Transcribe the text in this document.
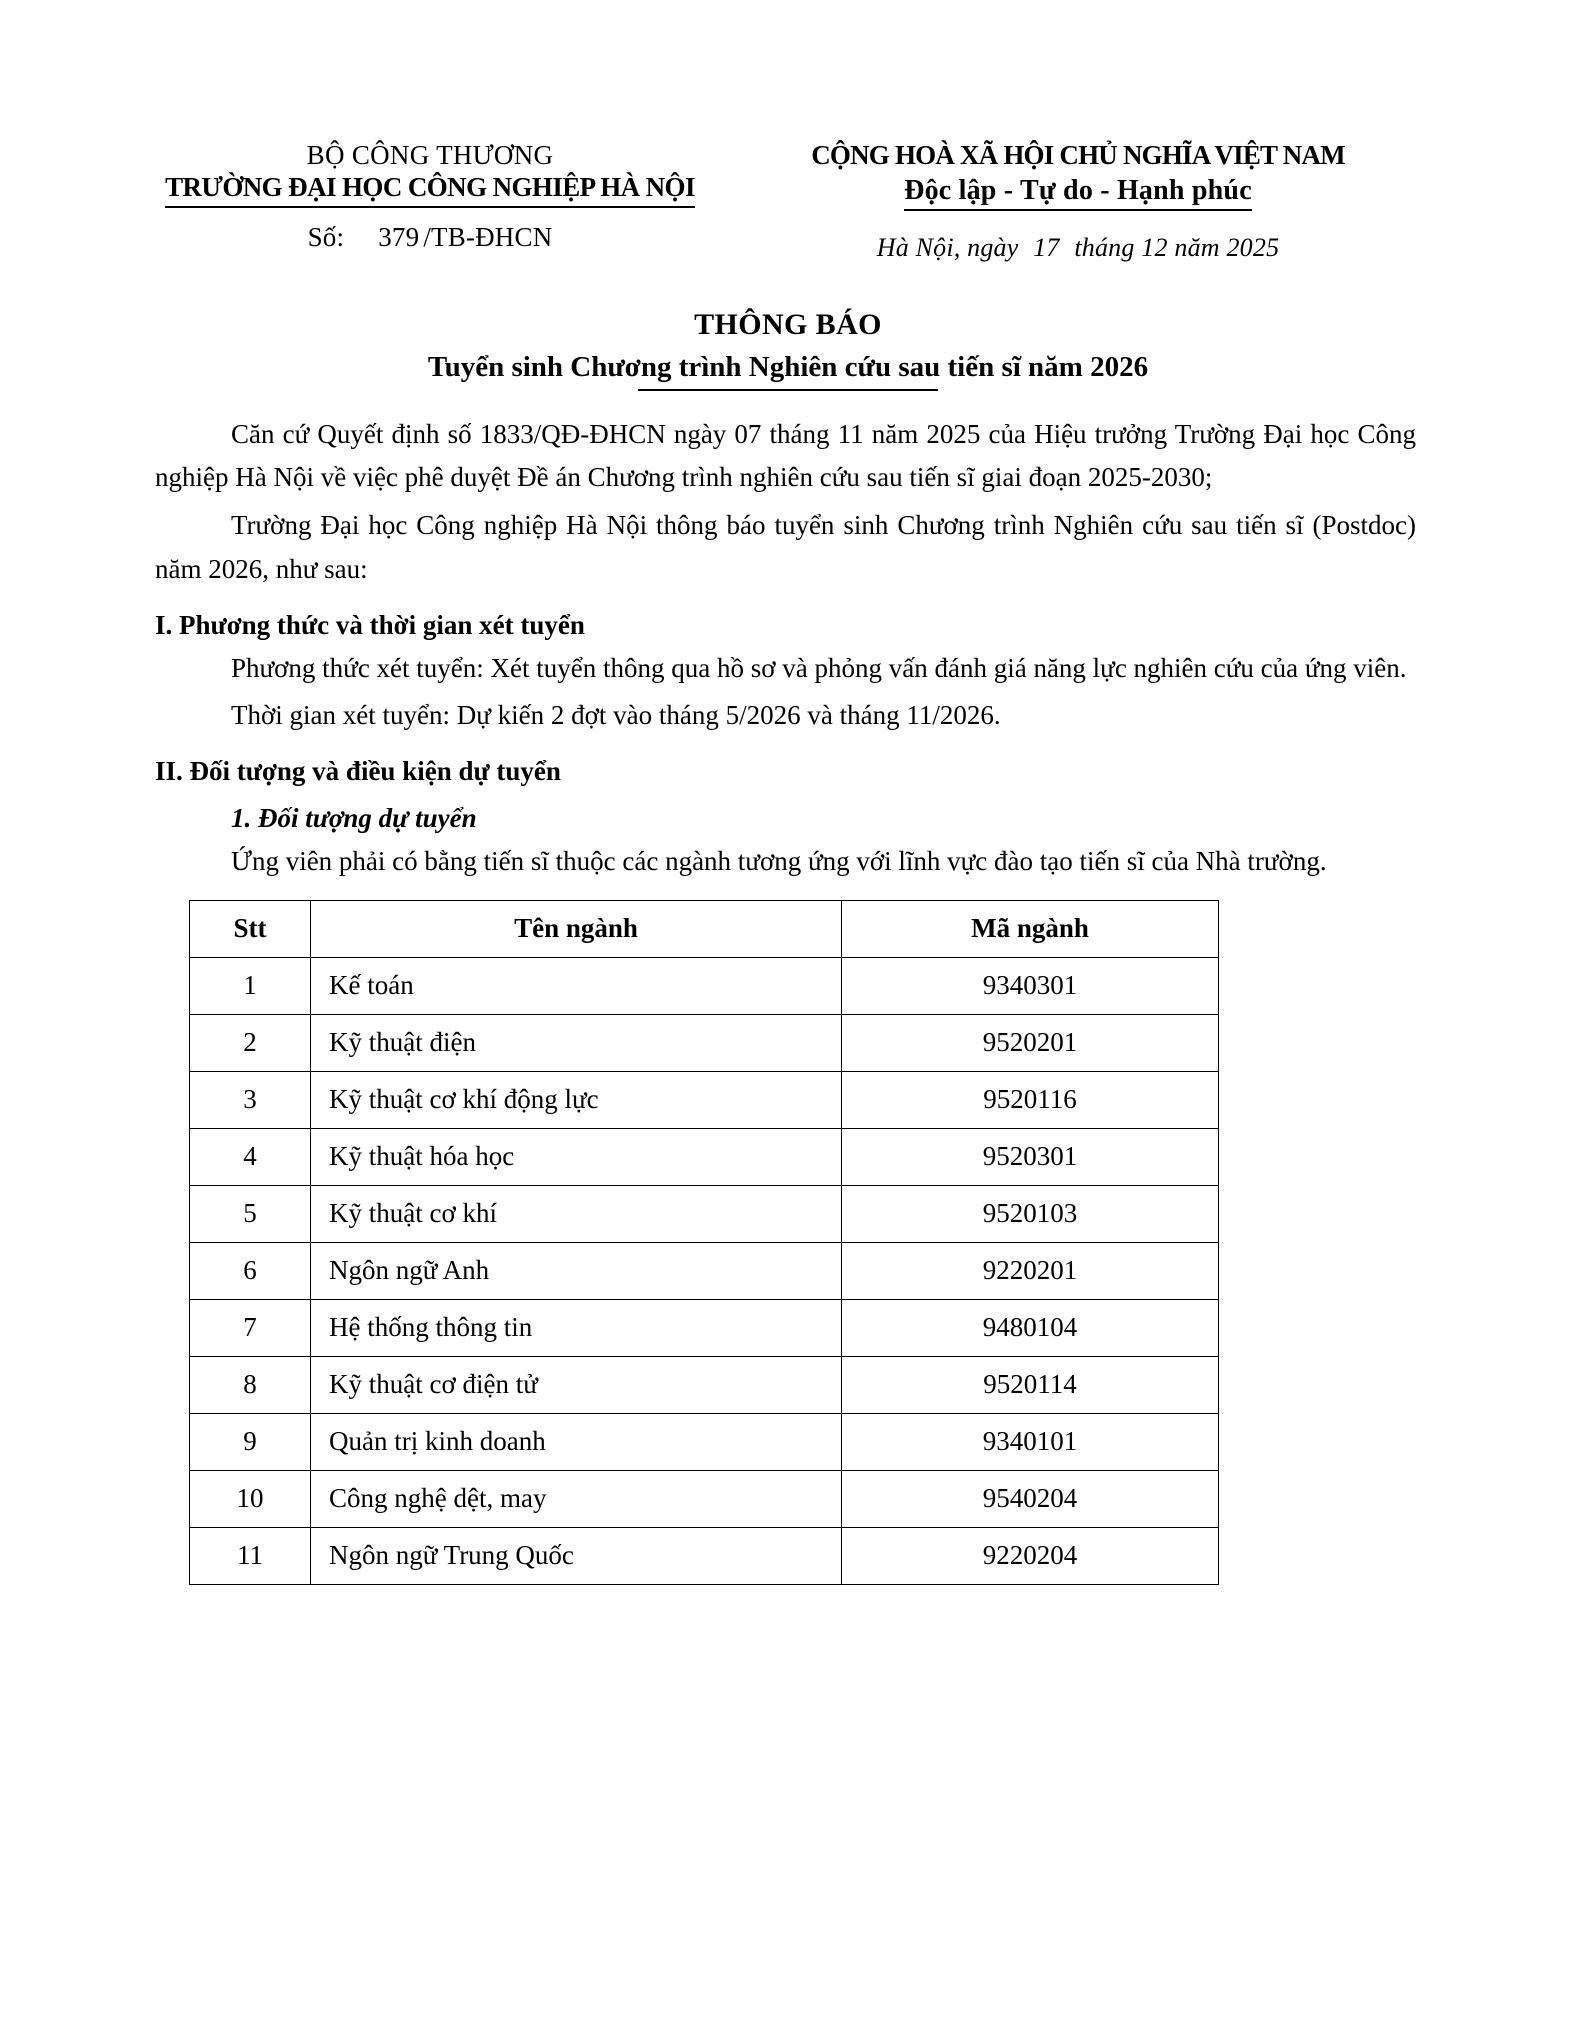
BỘ CÔNG THƯƠNG
TRƯỜNG ĐẠI HỌC CÔNG NGHIỆP HÀ NỘI
Số: 379 /TB-ĐHCN
CỘNG HOÀ XÃ HỘI CHỦ NGHĨA VIỆT NAM
Độc lập - Tự do - Hạnh phúc
Hà Nội, ngày 17 tháng 12 năm 2025
THÔNG BÁO
Tuyển sinh Chương trình Nghiên cứu sau tiến sĩ năm 2026

Căn cứ Quyết định số 1833/QĐ-ĐHCN ngày 07 tháng 11 năm 2025 của Hiệu trưởng Trường Đại học Công nghiệp Hà Nội về việc phê duyệt Đề án Chương trình nghiên cứu sau tiến sĩ giai đoạn 2025-2030;

Trường Đại học Công nghiệp Hà Nội thông báo tuyển sinh Chương trình Nghiên cứu sau tiến sĩ (Postdoc) năm 2026, như sau:

I. Phương thức và thời gian xét tuyển

Phương thức xét tuyển: Xét tuyển thông qua hồ sơ và phỏng vấn đánh giá năng lực nghiên cứu của ứng viên.

Thời gian xét tuyển: Dự kiến 2 đợt vào tháng 5/2026 và tháng 11/2026.

II. Đối tượng và điều kiện dự tuyển
1. Đối tượng dự tuyển

Ứng viên phải có bằng tiến sĩ thuộc các ngành tương ứng với lĩnh vực đào tạo tiến sĩ của Nhà trường.

Stt	Tên ngành	Mã ngành
1	Kế toán	9340301
2	Kỹ thuật điện	9520201
3	Kỹ thuật cơ khí động lực	9520116
4	Kỹ thuật hóa học	9520301
5	Kỹ thuật cơ khí	9520103
6	Ngôn ngữ Anh	9220201
7	Hệ thống thông tin	9480104
8	Kỹ thuật cơ điện tử	9520114
9	Quản trị kinh doanh	9340101
10	Công nghệ dệt, may	9540204
11	Ngôn ngữ Trung Quốc	9220204
